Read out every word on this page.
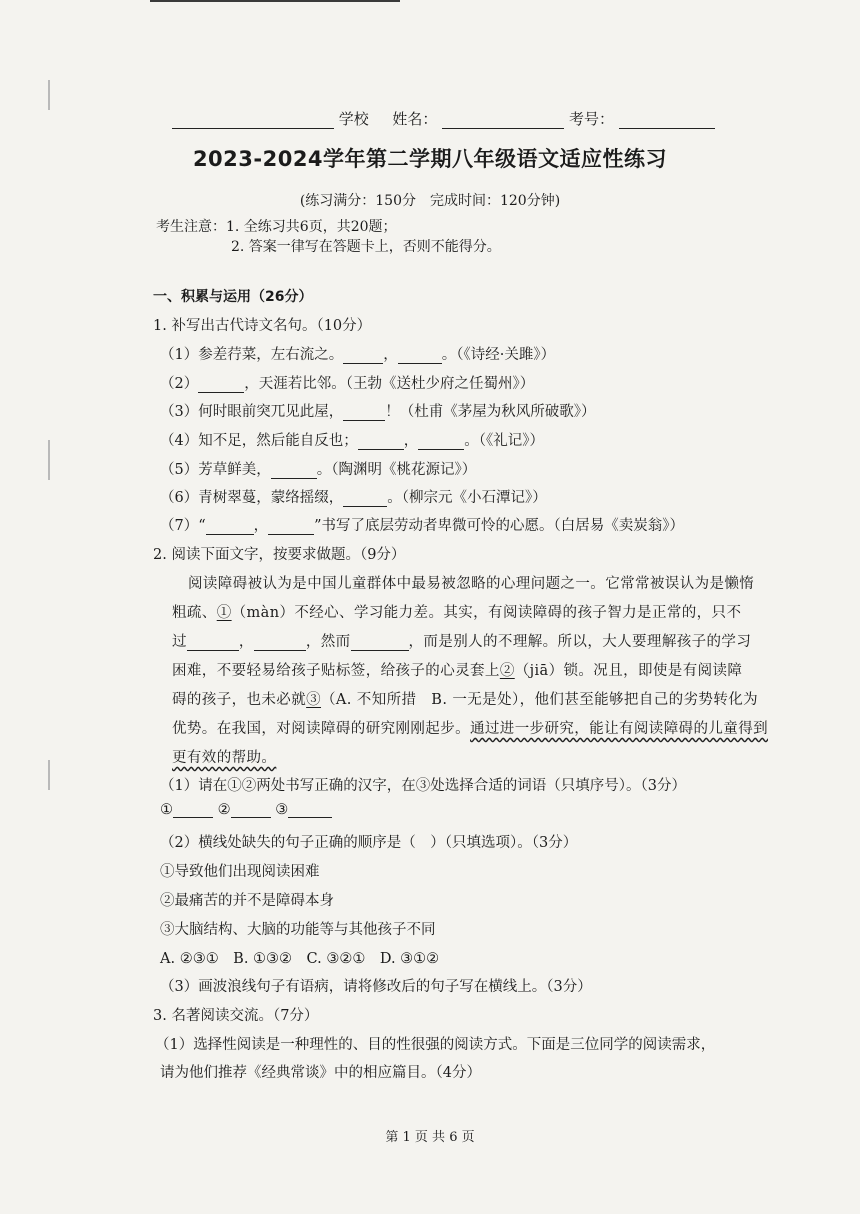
学校 姓名：	考号：
2023-2024学年第二学期八年级语文适应性练习
(练习满分：150分　完成时间：120分钟)
考生注意：1. 全练习共6页，共20题；
2. 答案一律写在答题卡上，否则不能得分。
一、积累与运用（26分）
1. 补写出古代诗文名句。（10分）
（1）参差荇菜，左右流之。	，	。（《诗经·关雎》）
（2）	，天涯若比邻。（王勃《送杜少府之任蜀州》）
（3）何时眼前突兀见此屋，	！（杜甫《茅屋为秋风所破歌》）
（4）知不足，然后能自反也；	，	。（《礼记》）
（5）芳草鲜美，	。（陶渊明《桃花源记》）
（6）青树翠蔓，蒙络摇缀，	。（柳宗元《小石潭记》）
（7）“	，	”书写了底层劳动者卑微可怜的心愿。（白居易《卖炭翁》）
2. 阅读下面文字，按要求做题。（9分）
阅读障碍被认为是中国儿童群体中最易被忽略的心理问题之一。它常常被误认为是懒惰
粗疏、①（màn）不经心、学习能力差。其实，有阅读障碍的孩子智力是正常的，只不
过	，	，然而	，而是别人的不理解。所以，大人要理解孩子的学习
困难，不要轻易给孩子贴标签，给孩子的心灵套上②（jiā）锁。况且，即使是有阅读障
碍的孩子，也未必就③（A. 不知所措　B. 一无是处），他们甚至能够把自己的劣势转化为
优势。在我国，对阅读障碍的研究刚刚起步。通过进一步研究，能让有阅读障碍的儿童得到
更有效的帮助。
（1）请在①②两处书写正确的汉字，在③处选择合适的词语（只填序号）。（3分）
①	②	③
（2）横线处缺失的句子正确的顺序是（　）（只填选项）。（3分）
①导致他们出现阅读困难
②最痛苦的并不是障碍本身
③大脑结构、大脑的功能等与其他孩子不同
A. ②③①　B. ①③②　C. ③②①　D. ③①②
（3）画波浪线句子有语病，请将修改后的句子写在横线上。（3分）
3. 名著阅读交流。（7分）
（1）选择性阅读是一种理性的、目的性很强的阅读方式。下面是三位同学的阅读需求，
请为他们推荐《经典常谈》中的相应篇目。（4分）
第 1 页 共 6 页
